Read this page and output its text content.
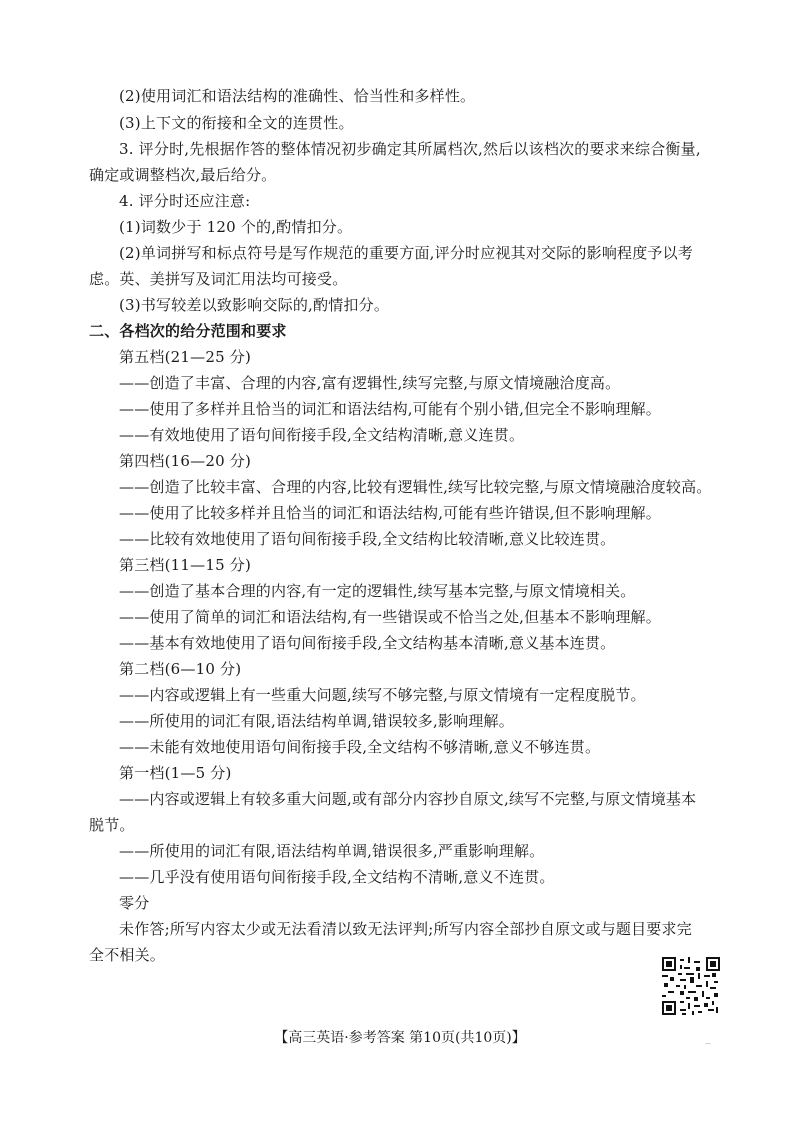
(2)使用词汇和语法结构的准确性、恰当性和多样性。
(3)上下文的衔接和全文的连贯性。
3. 评分时,先根据作答的整体情况初步确定其所属档次,然后以该档次的要求来综合衡量,
确定或调整档次,最后给分。
4. 评分时还应注意:
(1)词数少于 120 个的,酌情扣分。
(2)单词拼写和标点符号是写作规范的重要方面,评分时应视其对交际的影响程度予以考
虑。英、美拼写及词汇用法均可接受。
(3)书写较差以致影响交际的,酌情扣分。
二、各档次的给分范围和要求
第五档(21—25 分)
——创造了丰富、合理的内容,富有逻辑性,续写完整,与原文情境融洽度高。
——使用了多样并且恰当的词汇和语法结构,可能有个别小错,但完全不影响理解。
——有效地使用了语句间衔接手段,全文结构清晰,意义连贯。
第四档(16—20 分)
——创造了比较丰富、合理的内容,比较有逻辑性,续写比较完整,与原文情境融洽度较高。
——使用了比较多样并且恰当的词汇和语法结构,可能有些许错误,但不影响理解。
——比较有效地使用了语句间衔接手段,全文结构比较清晰,意义比较连贯。
第三档(11—15 分)
——创造了基本合理的内容,有一定的逻辑性,续写基本完整,与原文情境相关。
——使用了简单的词汇和语法结构,有一些错误或不恰当之处,但基本不影响理解。
——基本有效地使用了语句间衔接手段,全文结构基本清晰,意义基本连贯。
第二档(6—10 分)
——内容或逻辑上有一些重大问题,续写不够完整,与原文情境有一定程度脱节。
——所使用的词汇有限,语法结构单调,错误较多,影响理解。
——未能有效地使用语句间衔接手段,全文结构不够清晰,意义不够连贯。
第一档(1—5 分)
——内容或逻辑上有较多重大问题,或有部分内容抄自原文,续写不完整,与原文情境基本
脱节。
——所使用的词汇有限,语法结构单调,错误很多,严重影响理解。
——几乎没有使用语句间衔接手段,全文结构不清晰,意义不连贯。
零分
未作答;所写内容太少或无法看清以致无法评判;所写内容全部抄自原文或与题目要求完
全不相关。
【高三英语·参考答案 第10页(共10页)】	—
